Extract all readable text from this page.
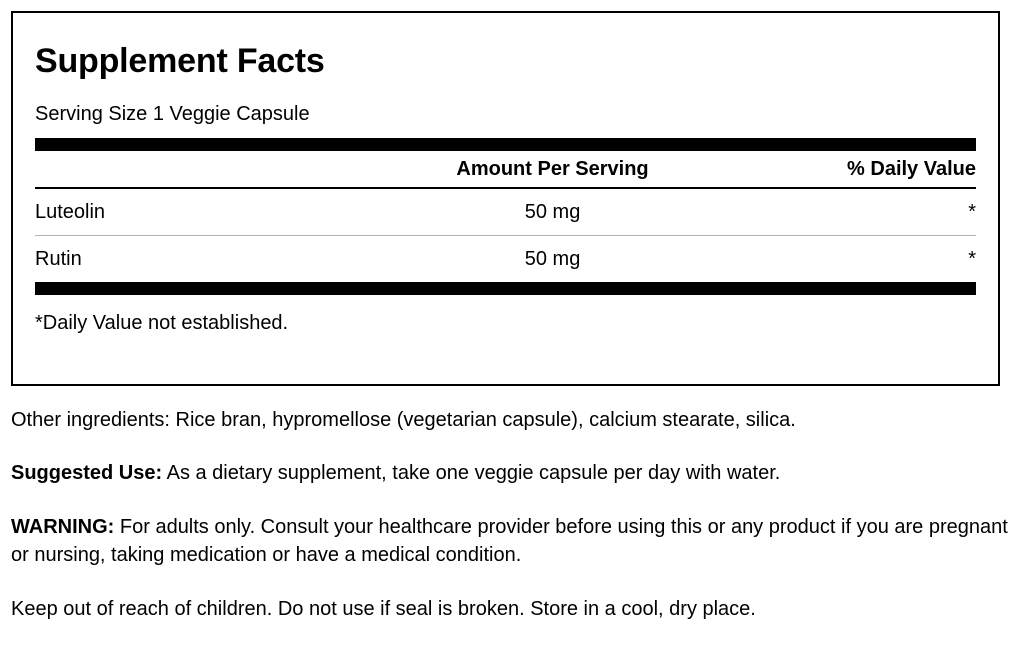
Supplement Facts
Serving Size 1 Veggie Capsule
	Amount Per Serving	% Daily Value
Luteolin	50 mg	*
Rutin	50 mg	*
*Daily Value not established.

Other ingredients: Rice bran, hypromellose (vegetarian capsule), calcium stearate, silica.

Suggested Use: As a dietary supplement, take one veggie capsule per day with water.

WARNING: For adults only. Consult your healthcare provider before using this or any product if you are pregnant or nursing, taking medication or have a medical condition.

Keep out of reach of children. Do not use if seal is broken. Store in a cool, dry place.
